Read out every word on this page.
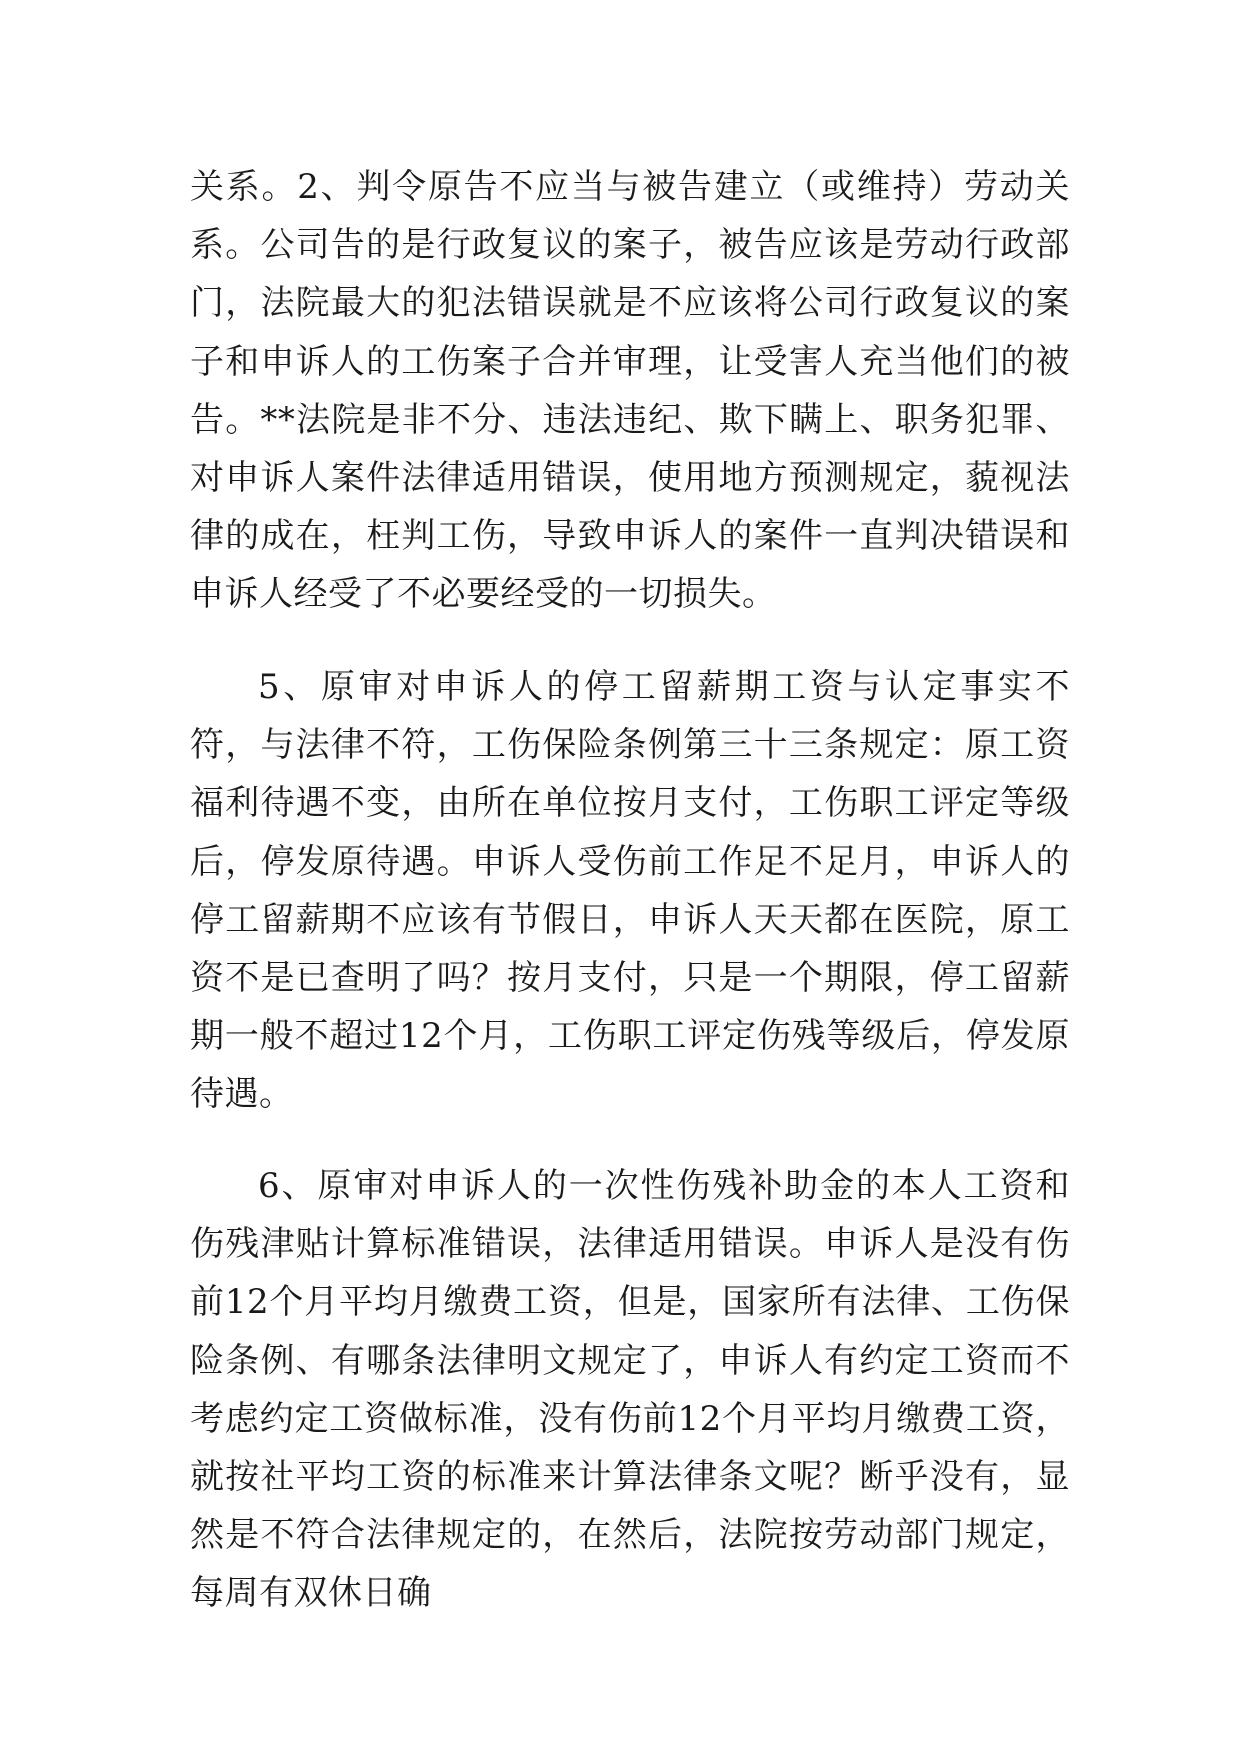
关系。2、判令原告不应当与被告建立（或维持）劳动关系。公司告的是行政复议的案子，被告应该是劳动行政部门，法院最大的犯法错误就是不应该将公司行政复议的案子和申诉人的工伤案子合并审理，让受害人充当他们的被告。**法院是非不分、违法违纪、欺下瞒上、职务犯罪、对申诉人案件法律适用错误，使用地方预测规定，藐视法律的成在，枉判工伤，导致申诉人的案件一直判决错误和申诉人经受了不必要经受的一切损失。

5、原审对申诉人的停工留薪期工资与认定事实不符，与法律不符，工伤保险条例第三十三条规定：原工资福利待遇不变，由所在单位按月支付，工伤职工评定等级后，停发原待遇。申诉人受伤前工作足不足月，申诉人的停工留薪期不应该有节假日，申诉人天天都在医院，原工资不是已查明了吗？按月支付，只是一个期限，停工留薪期一般不超过12个月，工伤职工评定伤残等级后，停发原待遇。

6、原审对申诉人的一次性伤残补助金的本人工资和伤残津贴计算标准错误，法律适用错误。申诉人是没有伤前12个月平均月缴费工资，但是，国家所有法律、工伤保险条例、有哪条法律明文规定了，申诉人有约定工资而不考虑约定工资做标准，没有伤前12个月平均月缴费工资，就按社平均工资的标准来计算法律条文呢？断乎没有，显然是不符合法律规定的，在然后，法院按劳动部门规定，每周有双休日确
